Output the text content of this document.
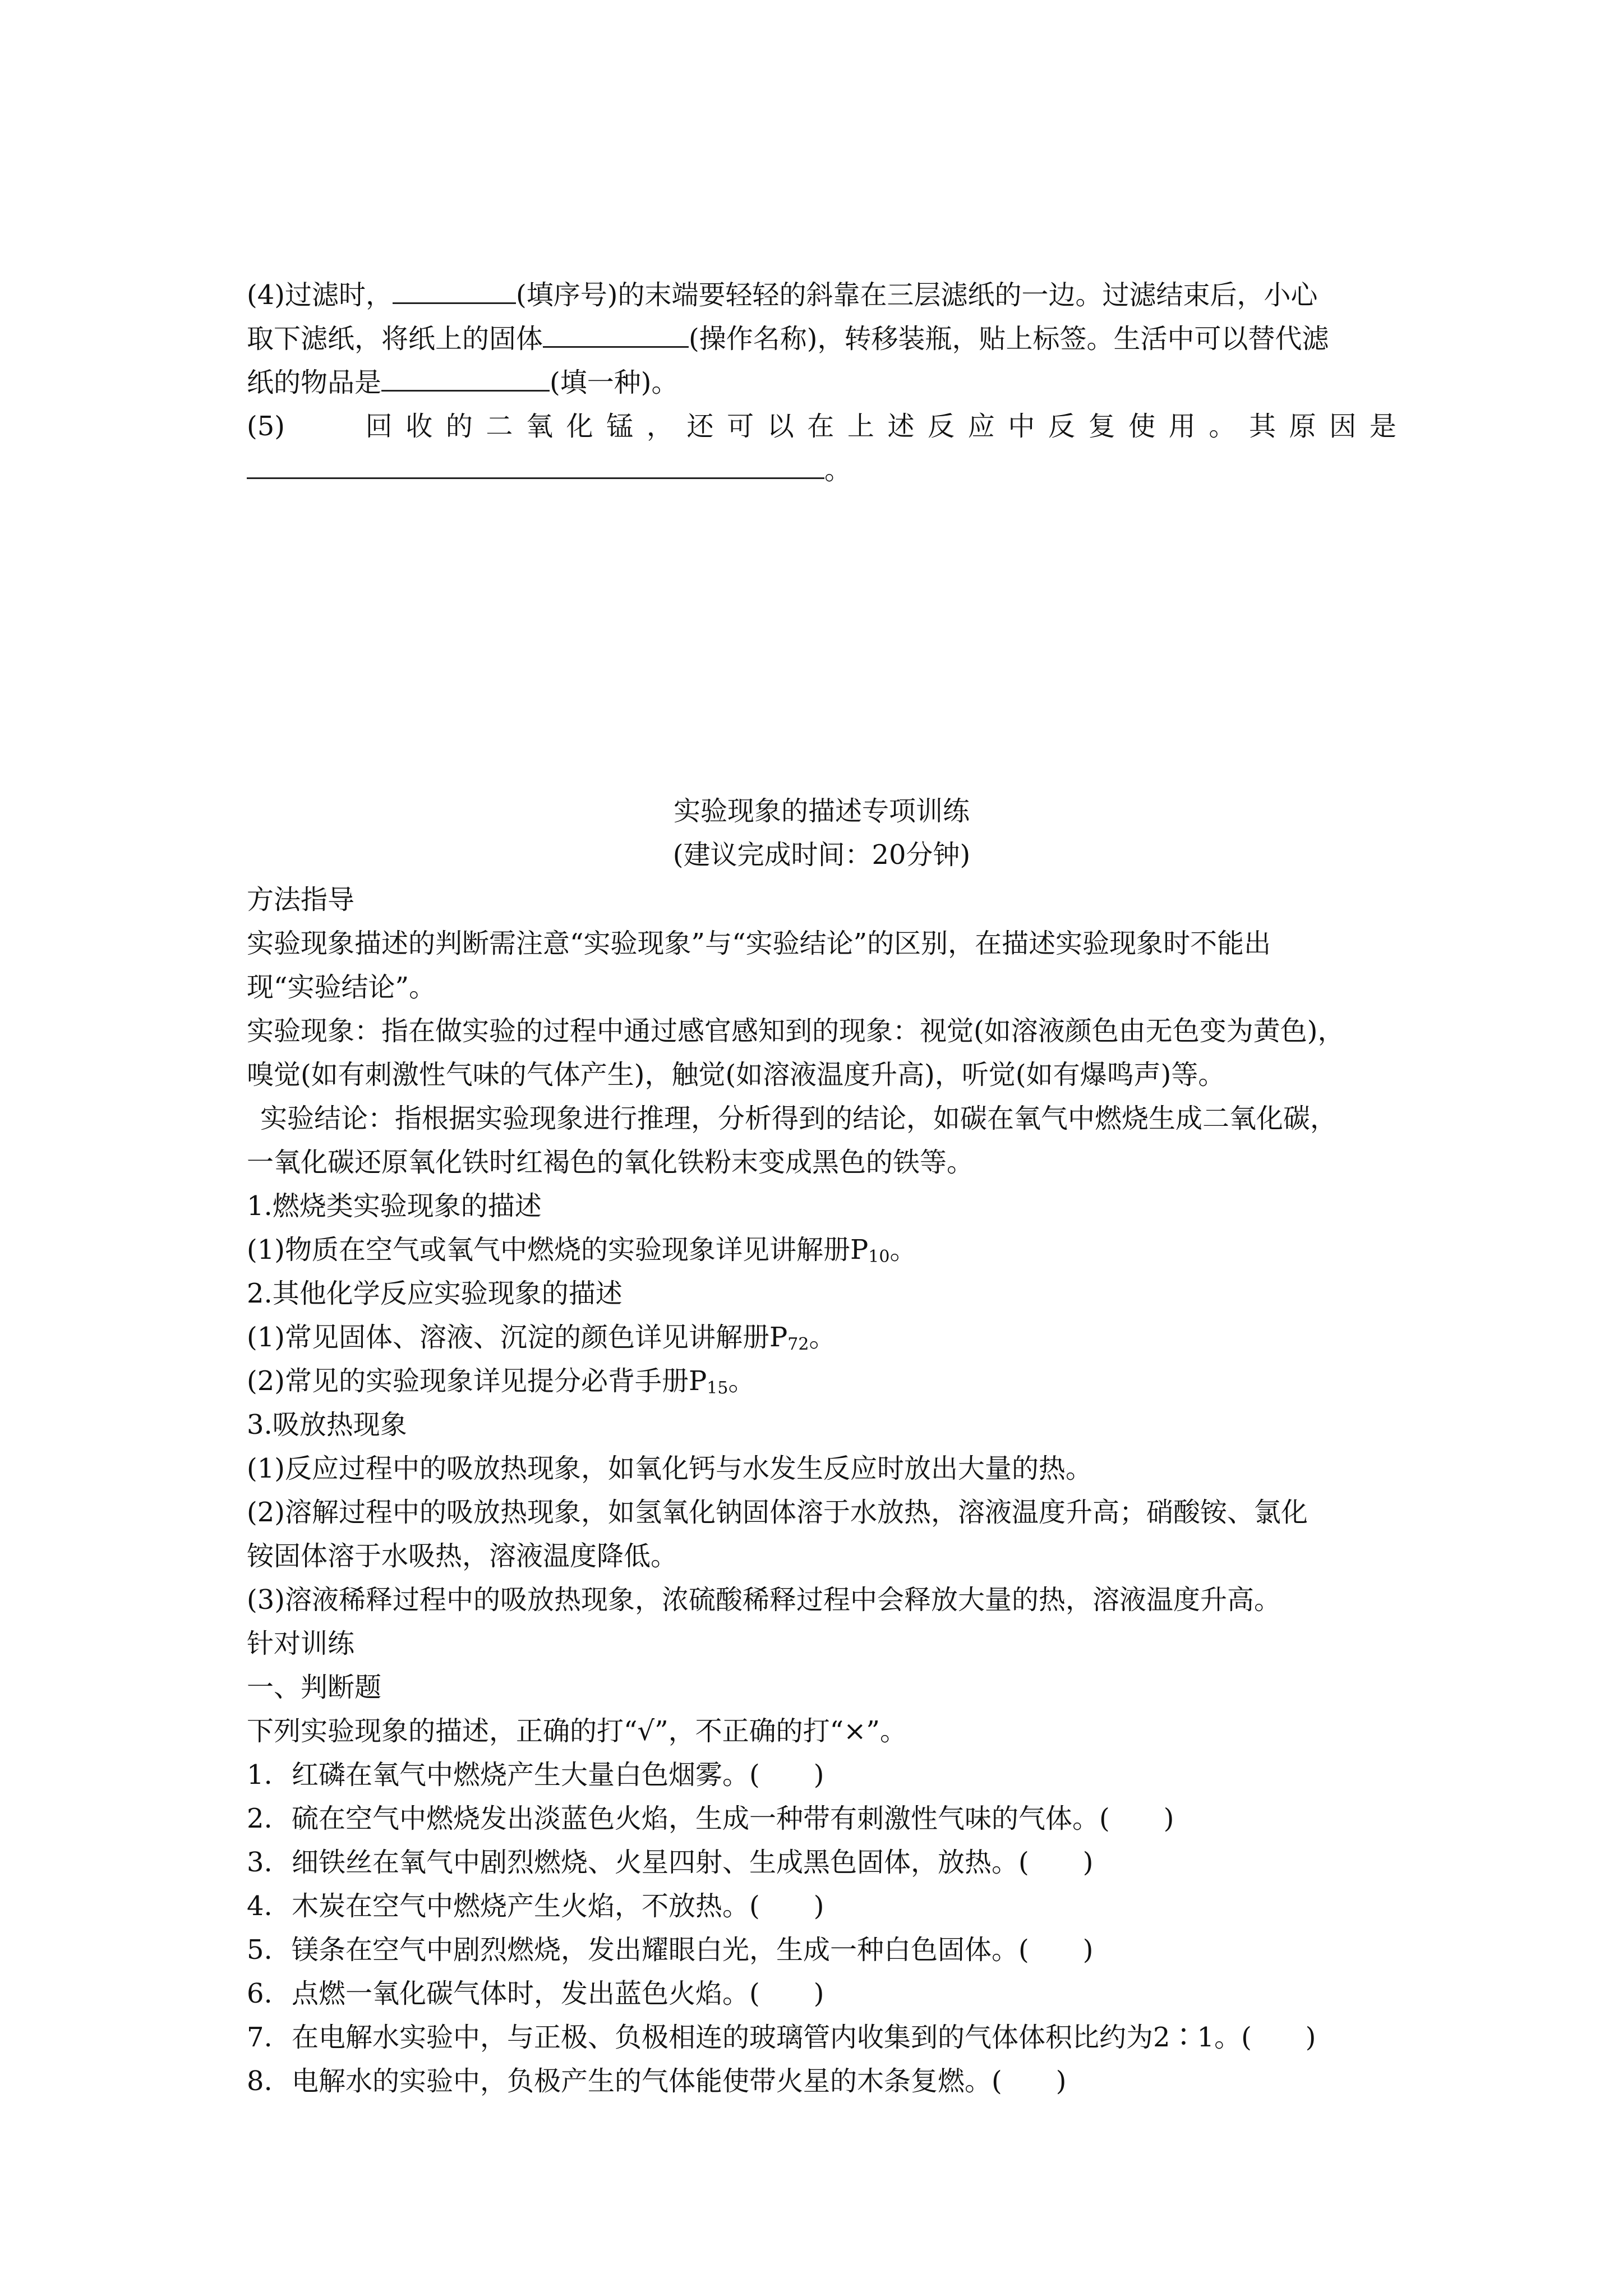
(4)过滤时，	(填序号)的末端要轻轻的斜靠在三层滤纸的一边。过滤结束后，小心
取下滤纸，将纸上的固体	(操作名称)，转移装瓶，贴上标签。生活中可以替代滤
纸的物品是	(填一种)。
(5)	回 收 的 二 氧 化 锰 ， 还 可 以 在 上 述 反 应 中 反 复 使 用 。 其 原 因 是
。
实验现象的描述专项训练
(建议完成时间：20分钟)
方法指导
实验现象描述的判断需注意“实验现象”与“实验结论”的区别，在描述实验现象时不能出
现“实验结论”。
实验现象：指在做实验的过程中通过感官感知到的现象：视觉(如溶液颜色由无色变为黄色)，
嗅觉(如有刺激性气味的气体产生)，触觉(如溶液温度升高)，听觉(如有爆鸣声)等。
实验结论：指根据实验现象进行推理，分析得到的结论，如碳在氧气中燃烧生成二氧化碳，
一氧化碳还原氧化铁时红褐色的氧化铁粉末变成黑色的铁等。
1.燃烧类实验现象的描述
(1)物质在空气或氧气中燃烧的实验现象详见讲解册$P_{10}$。
2.其他化学反应实验现象的描述
(1)常见固体、溶液、沉淀的颜色详见讲解册$P_{72}$。
(2)常见的实验现象详见提分必背手册$P_{15}$。
3.吸放热现象
(1)反应过程中的吸放热现象，如氧化钙与水发生反应时放出大量的热。
(2)溶解过程中的吸放热现象，如氢氧化钠固体溶于水放热，溶液温度升高；硝酸铵、氯化
铵固体溶于水吸热，溶液温度降低。
(3)溶液稀释过程中的吸放热现象，浓硫酸稀释过程中会释放大量的热，溶液温度升高。
针对训练
一、判断题
下列实验现象的描述，正确的打“√”，不正确的打“×”。
1. 红磷在氧气中燃烧产生大量白色烟雾。(　　)
2. 硫在空气中燃烧发出淡蓝色火焰，生成一种带有刺激性气味的气体。(　　)
3. 细铁丝在氧气中剧烈燃烧、火星四射、生成黑色固体，放热。(　　)
4. 木炭在空气中燃烧产生火焰，不放热。(　　)
5. 镁条在空气中剧烈燃烧，发出耀眼白光，生成一种白色固体。(　　)
6. 点燃一氧化碳气体时，发出蓝色火焰。(　　)
7. 在电解水实验中，与正极、负极相连的玻璃管内收集到的气体体积比约为2∶1。(　　)
8. 电解水的实验中，负极产生的气体能使带火星的木条复燃。(　　)
